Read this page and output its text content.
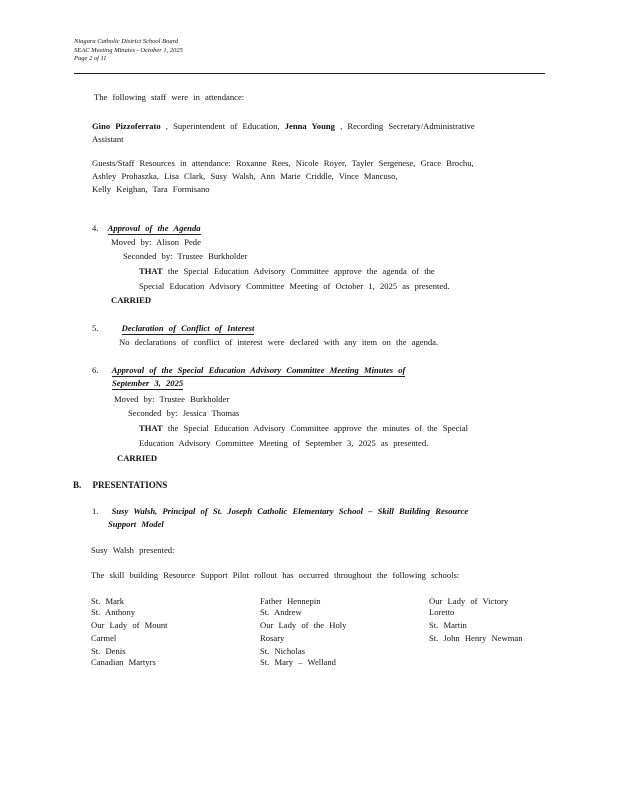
Niagara Catholic District School Board
SEAC Meeting Minutes - October 1, 2025
Page 2 of 11
The following staff were in attendance:
Gino Pizzoferrato , Superintendent of Education, Jenna Young , Recording Secretary/Administrative
Assistant
Guests/Staff Resources in attendance: Roxanne Rees, Nicole Royer, Tayler Sergenese, Grace Brochu,
Ashley Prohaszka, Lisa Clark, Susy Walsh, Ann Marie Criddle, Vince Mancuso,
Kelly Keighan, Tara Formisano
4. Approval of the Agenda
Moved by: Alison Pede
Seconded by: Trustee Burkholder
THAT the Special Education Advisory Committee approve the agenda of the
Special Education Advisory Committee Meeting of October 1, 2025 as presented.
CARRIED
5.	Declaration of Conflict of Interest
No declarations of conflict of interest were declared with any item on the agenda.
6. Approval of the Special Education Advisory Committee Meeting Minutes of
September 3, 2025
Moved by: Trustee Burkholder
Seconded by: Jessica Thomas
THAT the Special Education Advisory Committee approve the minutes of the Special
Education Advisory Committee Meeting of September 3, 2025 as presented.
CARRIED
B. PRESENTATIONS
1. Susy Walsh, Principal of St. Joseph Catholic Elementary School – Skill Building Resource
Support Model
Susy Walsh presented:
The skill building Resource Support Pilot rollout has occurred throughout the following schools:
St. Mark
St. Anthony
Our Lady of Mount
Carmel
St. Denis
Canadian Martyrs
Father Hennepin
St. Andrew
Our Lady of the Holy
Rosary
St. Nicholas
St. Mary – Welland
Our Lady of Victory
Loretto
St. Martin
St. John Henry Newman
